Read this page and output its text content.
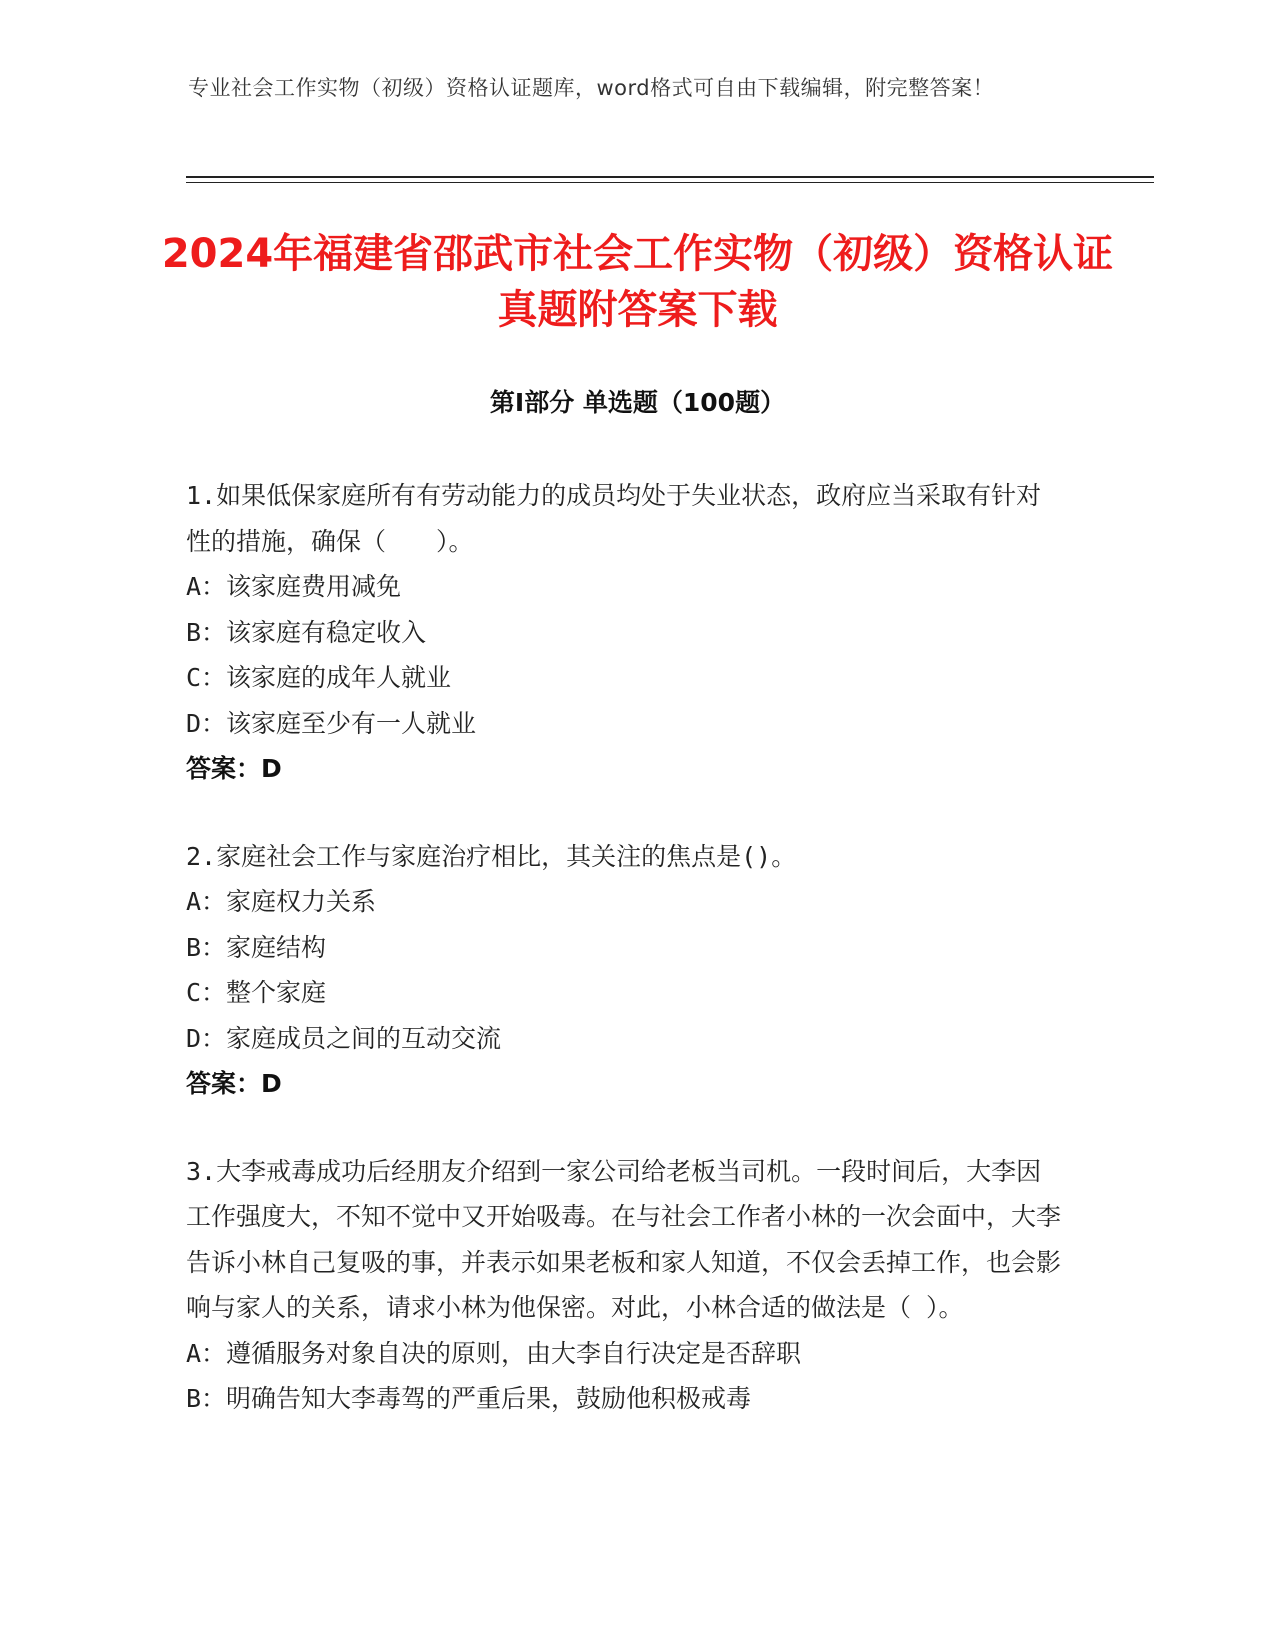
专业社会工作实物（初级）资格认证题库，word格式可自由下载编辑，附完整答案！
2024年福建省邵武市社会工作实物（初级）资格认证真题附答案下载
第Ⅰ部分 单选题（100题）

1.如果低保家庭所有有劳动能力的成员均处于失业状态，政府应当采取有针对性的措施，确保（　　）。

A：该家庭费用减免

B：该家庭有稳定收入

C：该家庭的成年人就业

D：该家庭至少有一人就业

答案：D

2.家庭社会工作与家庭治疗相比，其关注的焦点是()。

A：家庭权力关系

B：家庭结构

C：整个家庭

D：家庭成员之间的互动交流

答案：D

3.大李戒毒成功后经朋友介绍到一家公司给老板当司机。一段时间后，大李因工作强度大，不知不觉中又开始吸毒。在与社会工作者小林的一次会面中，大李告诉小林自己复吸的事，并表示如果老板和家人知道，不仅会丢掉工作，也会影响与家人的关系，请求小林为他保密。对此，小林合适的做法是（ ）。

A：遵循服务对象自决的原则，由大李自行决定是否辞职

B：明确告知大李毒驾的严重后果，鼓励他积极戒毒
